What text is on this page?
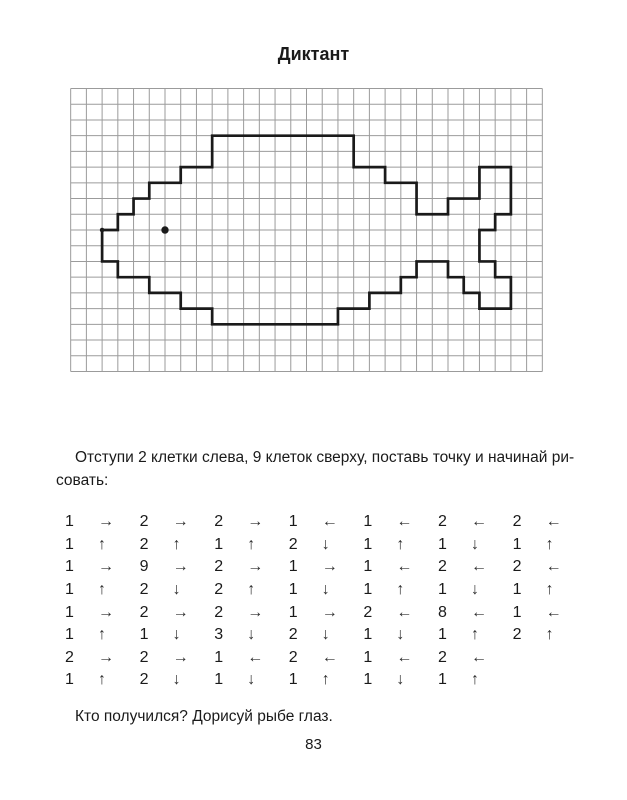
Диктант

Отступи 2 клетки слева, 9 клеток сверху, поставь точку и начинай ри-
совать:

1	→ 2	→ 2	→ 1	← 1	← 2	← 2	←
1	↑ 2	↑ 1	↑ 2	↓ 1	↑ 1	↓ 1	↑
1	→ 9	→ 2	→ 1	→ 1	← 2	← 2	←
1	↑ 2	↓ 2	↑ 1	↓ 1	↑ 1	↓ 1	↑
1	→ 2	→ 2	→ 1	→ 2	← 8	← 1	←
1	↑ 1	↓ 3	↓ 2	↓ 1	↓ 1	↑ 2	↑
2	→ 2	→ 1	← 2	← 1	← 2	←
1	↑ 2	↓ 1	↓ 1	↑ 1	↓ 1	↑

Кто получился? Дорисуй рыбе глаз.

83
